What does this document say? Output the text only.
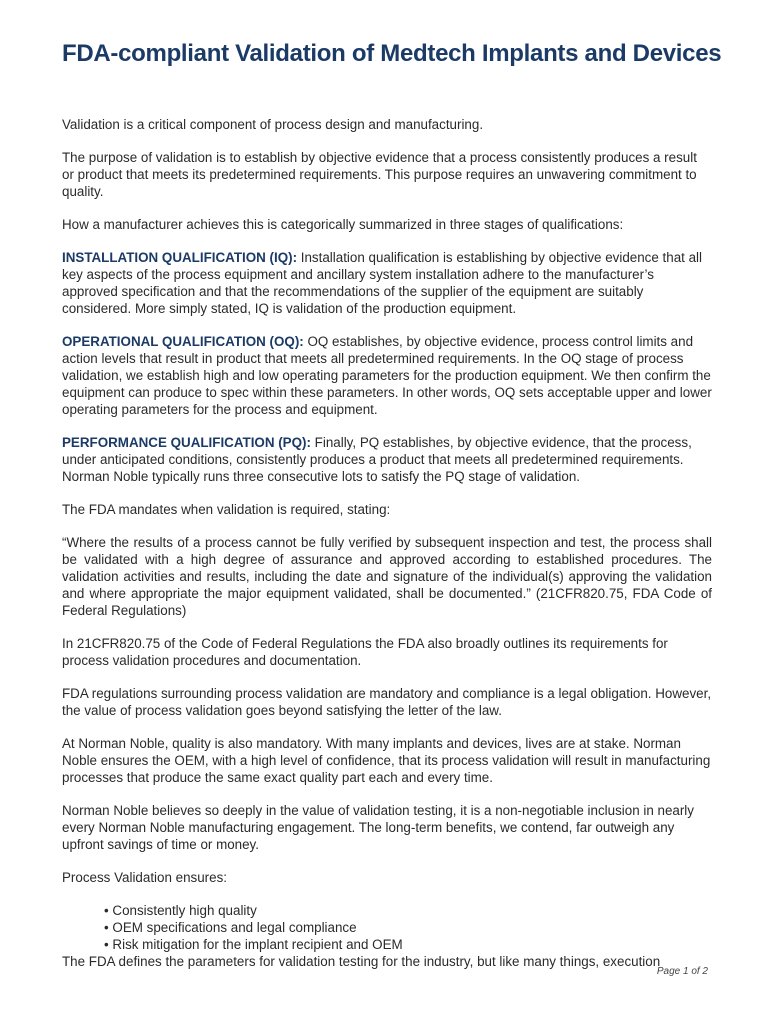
FDA-compliant Validation of Medtech Implants and Devices

Validation is a critical component of process design and manufacturing.

The purpose of validation is to establish by objective evidence that a process consistently produces a result or product that meets its predetermined requirements. This purpose requires an unwavering commitment to quality.

How a manufacturer achieves this is categorically summarized in three stages of qualifications:

INSTALLATION QUALIFICATION (IQ): Installation qualification is establishing by objective evidence that all key aspects of the process equipment and ancillary system installation adhere to the manufacturer’s approved specification and that the recommendations of the supplier of the equipment are suitably considered. More simply stated, IQ is validation of the production equipment.

OPERATIONAL QUALIFICATION (OQ): OQ establishes, by objective evidence, process control limits and action levels that result in product that meets all predetermined requirements. In the OQ stage of process validation, we establish high and low operating parameters for the production equipment. We then confirm the equipment can produce to spec within these parameters. In other words, OQ sets acceptable upper and lower operating parameters for the process and equipment.

PERFORMANCE QUALIFICATION (PQ): Finally, PQ establishes, by objective evidence, that the process, under anticipated conditions, consistently produces a product that meets all predetermined requirements. Norman Noble typically runs three consecutive lots to satisfy the PQ stage of validation.

The FDA mandates when validation is required, stating:

“Where the results of a process cannot be fully verified by subsequent inspection and test, the process shall be validated with a high degree of assurance and approved according to established procedures. The validation activities and results, including the date and signature of the individual(s) approving the validation and where appropriate the major equipment validated, shall be documented.” (21CFR820.75, FDA Code of Federal Regulations)

In 21CFR820.75 of the Code of Federal Regulations the FDA also broadly outlines its requirements for process validation procedures and documentation.

FDA regulations surrounding process validation are mandatory and compliance is a legal obligation. However, the value of process validation goes beyond satisfying the letter of the law.

At Norman Noble, quality is also mandatory. With many implants and devices, lives are at stake. Norman Noble ensures the OEM, with a high level of confidence, that its process validation will result in manufacturing processes that produce the same exact quality part each and every time.

Norman Noble believes so deeply in the value of validation testing, it is a non-negotiable inclusion in nearly every Norman Noble manufacturing engagement. The long-term benefits, we contend, far outweigh any upfront savings of time or money.

Process Validation ensures:

• Consistently high quality
• OEM specifications and legal compliance
• Risk mitigation for the implant recipient and OEM

The FDA defines the parameters for validation testing for the industry, but like many things, execution

Page 1 of 2
